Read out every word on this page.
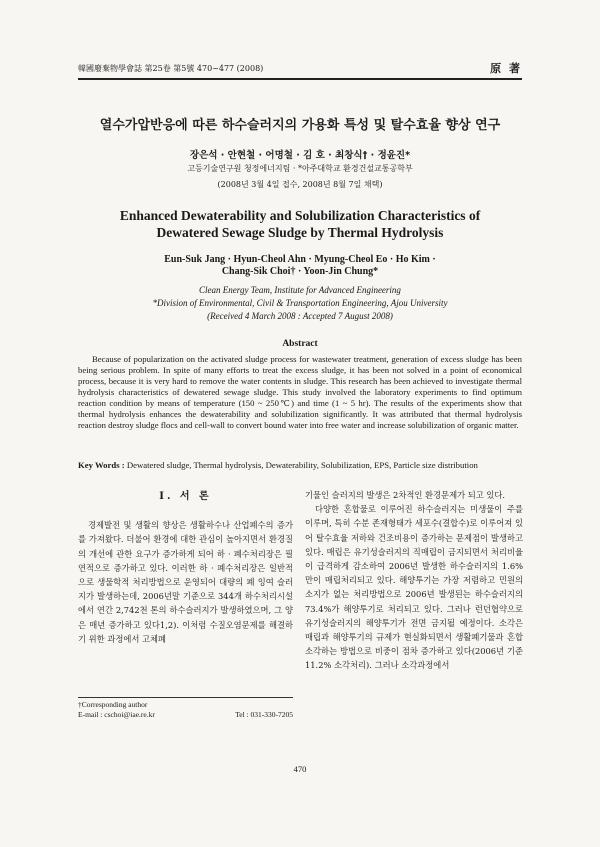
韓國廢棄物學會誌 第25卷 第5號 470~477 (2008)	原 著
열수가압반응에 따른 하수슬러지의 가용화 특성 및 탈수효율 향상 연구
장은석 · 안현철 · 어명철 · 김 호 · 최창식† · 정윤진*
고등기술연구원 청정에너지팀 · *아주대학교 환경건설교통공학부
(2008년 3월 4일 접수, 2008년 8월 7일 채택)
Enhanced Dewaterability and Solubilization Characteristics of Dewatered Sewage Sludge by Thermal Hydrolysis
Eun-Suk Jang · Hyun-Cheol Ahn · Myung-Cheol Eo · Ho Kim · Chang-Sik Choi† · Yoon-Jin Chung*
Clean Energy Team, Institute for Advanced Engineering
*Division of Environmental, Civil & Transportation Engineering, Ajou University
(Received 4 March 2008 : Accepted 7 August 2008)
Abstract

Because of popularization on the activated sludge process for wastewater treatment, generation of excess sludge has been being serious problem. In spite of many efforts to treat the excess sludge, it has been not solved in a point of economical process, because it is very hard to remove the water contents in sludge. This research has been achieved to investigate thermal hydrolysis characteristics of dewatered sewage sludge. This study involved the laboratory experiments to find optimum reaction condition by means of temperature (150 ~ 250℃) and time (1 ~ 5 hr). The results of the experiments show that thermal hydrolysis enhances the dewaterability and solubilization significantly. It was attributed that thermal hydrolysis reaction destroy sludge flocs and cell-wall to convert bound water into free water and increase solubilization of organic matter.

Key Words : Dewatered sludge, Thermal hydrolysis, Dewaterability, Solubilization, EPS, Particle size distribution
I. 서 론

경제발전 및 생활의 향상은 생활하수나 산업폐수의 증가를 가져왔다. 더불어 환경에 대한 관심이 높아지면서 환경질의 개선에 관한 요구가 증가하게 되어 하 · 폐수처리장은 필연적으로 증가하고 있다. 이러한 하 · 폐수처리장은 일반적으로 생물학적 처리방법으로 운영되어 대량의 폐 잉여 슬러지가 발생하는데, 2006년말 기준으로 344개 하수처리시설에서 연간 2,742천 톤의 하수슬러지가 발생하였으며, 그 양은 매년 증가하고 있다1,2). 이처럼 수질오염문제를 해결하기 위한 과정에서 고체폐

기물인 슬러지의 발생은 2차적인 환경문제가 되고 있다.

다양한 혼합물로 이루어진 하수슬러지는 미생물이 주를 이루며, 특히 수분 존재형태가 세포수(결합수)로 이루어져 있어 탈수효율 저하와 건조비용이 증가하는 문제점이 발생하고 있다. 매립은 유기성슬러지의 직매립이 금지되면서 처리비율이 급격하게 감소하여 2006년 발생한 하수슬러지의 1.6%만이 매립처리되고 있다. 해양투기는 가장 저렴하고 민원의 소지가 없는 처리방법으로 2006년 발생된는 하수슬러지의 73.4%가 해양투기로 처리되고 있다. 그러나 런던협약으로 유기성슬러지의 해양투기가 전면 금지될 예정이다. 소각은 매립과 해양투기의 규제가 현실화되면서 생활폐기물과 혼합 소각하는 방법으로 비중이 점차 증가하고 있다(2006년 기준 11.2% 소각처리). 그러나 소각과정에서

†Corresponding author
E-mail : cschoi@iae.re.kr	Tel : 031-330-7205
470
